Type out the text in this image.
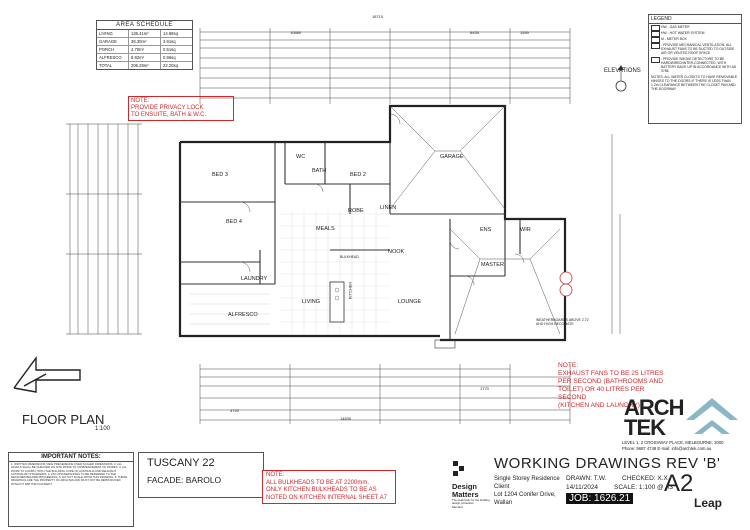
AREA SCHEDULE
LIVING	136.41m²	14.68sq
GARAGE	36.30m²	3.91sq
PORCH	4.70m²	0.51sq
ALFRESCO	8.92m²	0.96sq
TOTAL	206.28m²	22.20sq
LEGEND
HW - GAS METER
HW - HOT WATER SYSTEM
M - METER BOX
- PROVIDE MECHANICAL VENTILATION. ALL EXHAUST FANS TO BE DUCTED TO OUTSIDE AIR OR VENTED ROOF SPACE
- PROVIDE SMOKE DETECTORS TO BE HARDWIRED/INTER-CONNECTED, WITH BATTERY BACK UP IN ACCORDANCE WITH AS 3786
NOTES: ALL WATER CLOSETS TO HAVE REMOVABLE HINGES TO THE DOORS IF THERE IS LESS THAN 1.2m CLEARANCE BETWEEN THE CLOSET PAN AND THE DOORWAY
ELEVATIONS
NOTE:
PROVIDE PRIVACY LOCK
TO ENSUITE, BATH & W.C.
BED 3	BED 2
BED 4
BATH
WC
ROBE	LINEN
GARAGE
MEALS
NOOK
LAUNDRY
LIVING	LOUNGE
MASTER
ENS	WIR
ALFRESCO
KITCHEN
BULKHEAD
WEATHERBOARDS ABOVE 2.72 AHD HIGH DECOMATE
18710
10680	6435	1595
14630
3720
1770
FLOOR PLAN
1:100
NOTE:
EXHAUST FANS TO BE 25 LITRES
PER SECOND (BATHROOMS AND
TOILET) OR 40 LITRES PER SECOND
(KITCHEN AND LAUNDRY)
IMPORTANT NOTES:
1. WRITTEN DIMENSIONS TAKE PRECEDENCE OVER SCALED DIMENSIONS. 2. ALL LEVELS SHALL BE CHECKED ON SITE PRIOR TO COMMENCEMENT OF WORKS. 3. ALL WORK TO COMPLY WITH THE BUILDING CODE OF AUSTRALIA AND RELEVANT AUSTRALIAN STANDARDS. 4. ANY DISCREPANCIES TO BE REFERRED TO THE DESIGNER BEFORE PROCEEDING. 5. DO NOT SCALE FROM THIS DRAWING. 6. THESE DRAWINGS ARE THE PROPERTY OF ARCHTEK AND MUST NOT BE REPRODUCED WITHOUT WRITTEN CONSENT.
TUSCANY 22
FACADE: BAROLO	NOTE:
ALL BULKHEADS TO BE AT 2200mm.
ONLY KITCHEN BULKHEADS TO BE AS
NOTED ON KITCHEN INTERNAL SHEET A7
Design Matters
The peak body for the building design profession
Member
Single Storey Residence
Client
Lot 1204 Conifer Drive,
Wallan
WORKING DRAWINGS REV 'B'
DRAWN: T.W. CHECKED: X.X.
14/11/2024 SCALE: 1:100 @ A3
JOB: 1626.21
A2
ARCH
TEK
LEVEL 1, 2 CROSSWAY PLACE, MELBOURNE, 3000
Phone: 9687 4748 E-mail: info@archtek.com.au
Leap
